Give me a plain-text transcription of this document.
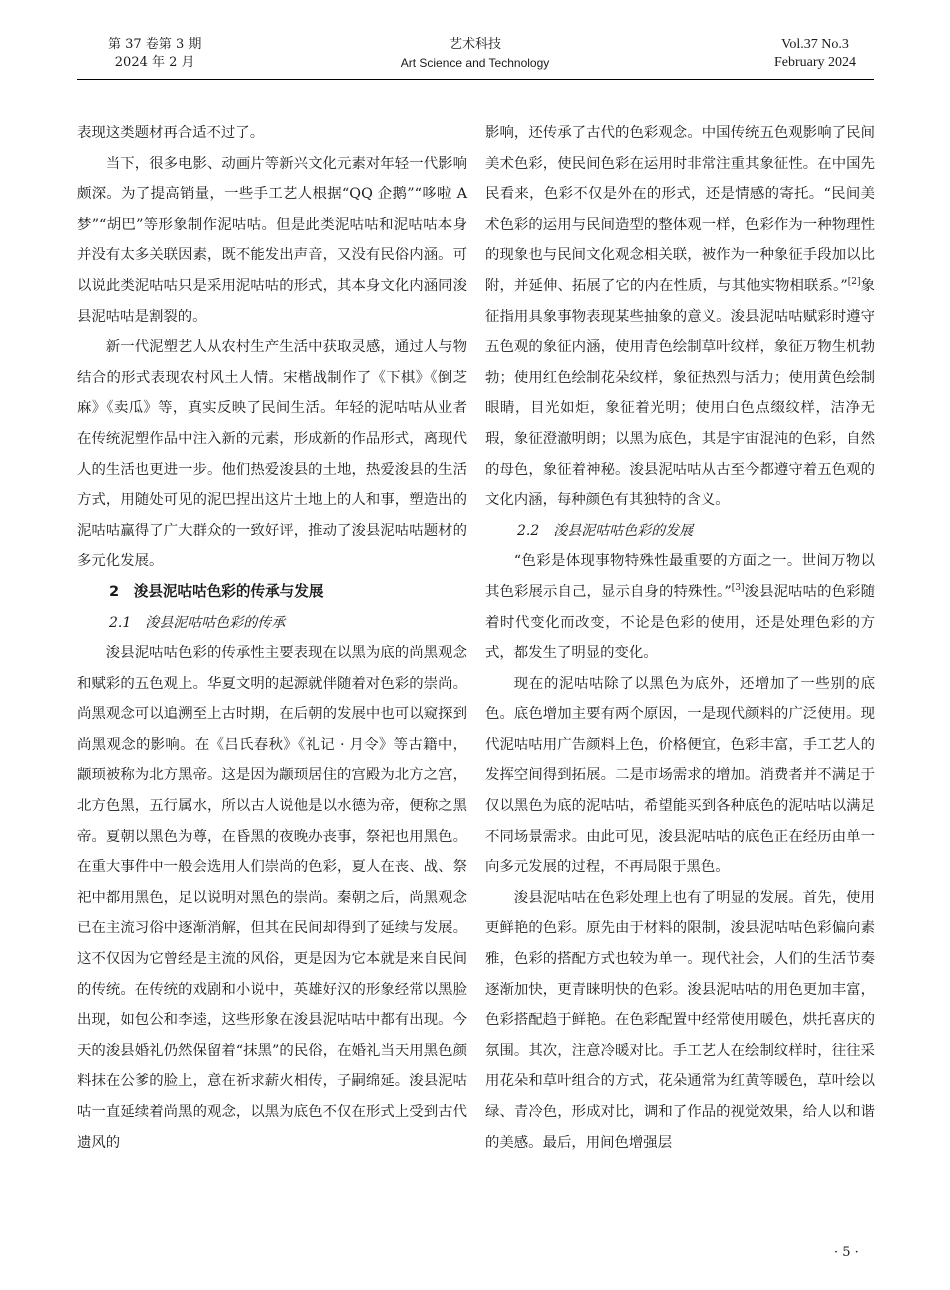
第 37 卷第 3 期
2024 年 2 月
艺术科技
Art Science and Technology
Vol.37 No.3
February 2024

表现这类题材再合适不过了。

当下，很多电影、动画片等新兴文化元素对年轻一代影响颇深。为了提高销量，一些手工艺人根据“QQ 企鹅”“哆啦 A 梦”“胡巴”等形象制作泥咕咕。但是此类泥咕咕和泥咕咕本身并没有太多关联因素，既不能发出声音，又没有民俗内涵。可以说此类泥咕咕只是采用泥咕咕的形式，其本身文化内涵同浚县泥咕咕是割裂的。

新一代泥塑艺人从农村生产生活中获取灵感，通过人与物结合的形式表现农村风土人情。宋楷战制作了《下棋》《倒芝麻》《卖瓜》等，真实反映了民间生活。年轻的泥咕咕从业者在传统泥塑作品中注入新的元素，形成新的作品形式，离现代人的生活也更进一步。他们热爱浚县的土地，热爱浚县的生活方式，用随处可见的泥巴捏出这片土地上的人和事，塑造出的泥咕咕赢得了广大群众的一致好评，推动了浚县泥咕咕题材的多元化发展。

2　浚县泥咕咕色彩的传承与发展
2.1　浚县泥咕咕色彩的传承

浚县泥咕咕色彩的传承性主要表现在以黑为底的尚黑观念和赋彩的五色观上。华夏文明的起源就伴随着对色彩的崇尚。尚黑观念可以追溯至上古时期，在后朝的发展中也可以窥探到尚黑观念的影响。在《吕氏春秋》《礼记 · 月令》等古籍中，颛顼被称为北方黑帝。这是因为颛顼居住的宫殿为北方之宫，北方色黑，五行属水，所以古人说他是以水德为帝，便称之黑帝。夏朝以黑色为尊，在昏黑的夜晚办丧事，祭祀也用黑色。在重大事件中一般会选用人们崇尚的色彩，夏人在丧、战、祭祀中都用黑色，足以说明对黑色的崇尚。秦朝之后，尚黑观念已在主流习俗中逐渐消解，但其在民间却得到了延续与发展。这不仅因为它曾经是主流的风俗，更是因为它本就是来自民间的传统。在传统的戏剧和小说中，英雄好汉的形象经常以黑脸出现，如包公和李逵，这些形象在浚县泥咕咕中都有出现。今天的浚县婚礼仍然保留着“抹黑”的民俗，在婚礼当天用黑色颜料抹在公爹的脸上，意在祈求薪火相传，子嗣绵延。浚县泥咕咕一直延续着尚黑的观念，以黑为底色不仅在形式上受到古代遗风的

影响，还传承了古代的色彩观念。中国传统五色观影响了民间美术色彩，使民间色彩在运用时非常注重其象征性。在中国先民看来，色彩不仅是外在的形式，还是情感的寄托。“民间美术色彩的运用与民间造型的整体观一样，色彩作为一种物理性的现象也与民间文化观念相关联，被作为一种象征手段加以比附，并延伸、拓展了它的内在性质，与其他实物相联系。”[2]象征指用具象事物表现某些抽象的意义。浚县泥咕咕赋彩时遵守五色观的象征内涵，使用青色绘制草叶纹样，象征万物生机勃勃；使用红色绘制花朵纹样，象征热烈与活力；使用黄色绘制眼睛，目光如炬，象征着光明；使用白色点缀纹样，洁净无瑕，象征澄澈明朗；以黑为底色，其是宇宙混沌的色彩，自然的母色，象征着神秘。浚县泥咕咕从古至今都遵守着五色观的文化内涵，每种颜色有其独特的含义。

2.2　浚县泥咕咕色彩的发展

“色彩是体现事物特殊性最重要的方面之一。世间万物以其色彩展示自己，显示自身的特殊性。”[3]浚县泥咕咕的色彩随着时代变化而改变，不论是色彩的使用，还是处理色彩的方式，都发生了明显的变化。

现在的泥咕咕除了以黑色为底外，还增加了一些别的底色。底色增加主要有两个原因，一是现代颜料的广泛使用。现代泥咕咕用广告颜料上色，价格便宜，色彩丰富，手工艺人的发挥空间得到拓展。二是市场需求的增加。消费者并不满足于仅以黑色为底的泥咕咕，希望能买到各种底色的泥咕咕以满足不同场景需求。由此可见，浚县泥咕咕的底色正在经历由单一向多元发展的过程，不再局限于黑色。

浚县泥咕咕在色彩处理上也有了明显的发展。首先，使用更鲜艳的色彩。原先由于材料的限制，浚县泥咕咕色彩偏向素雅，色彩的搭配方式也较为单一。现代社会，人们的生活节奏逐渐加快，更青睐明快的色彩。浚县泥咕咕的用色更加丰富，色彩搭配趋于鲜艳。在色彩配置中经常使用暖色，烘托喜庆的氛围。其次，注意冷暖对比。手工艺人在绘制纹样时，往往采用花朵和草叶组合的方式，花朵通常为红黄等暖色，草叶绘以绿、青冷色，形成对比，调和了作品的视觉效果，给人以和谐的美感。最后，用间色增强层

· 5 ·
